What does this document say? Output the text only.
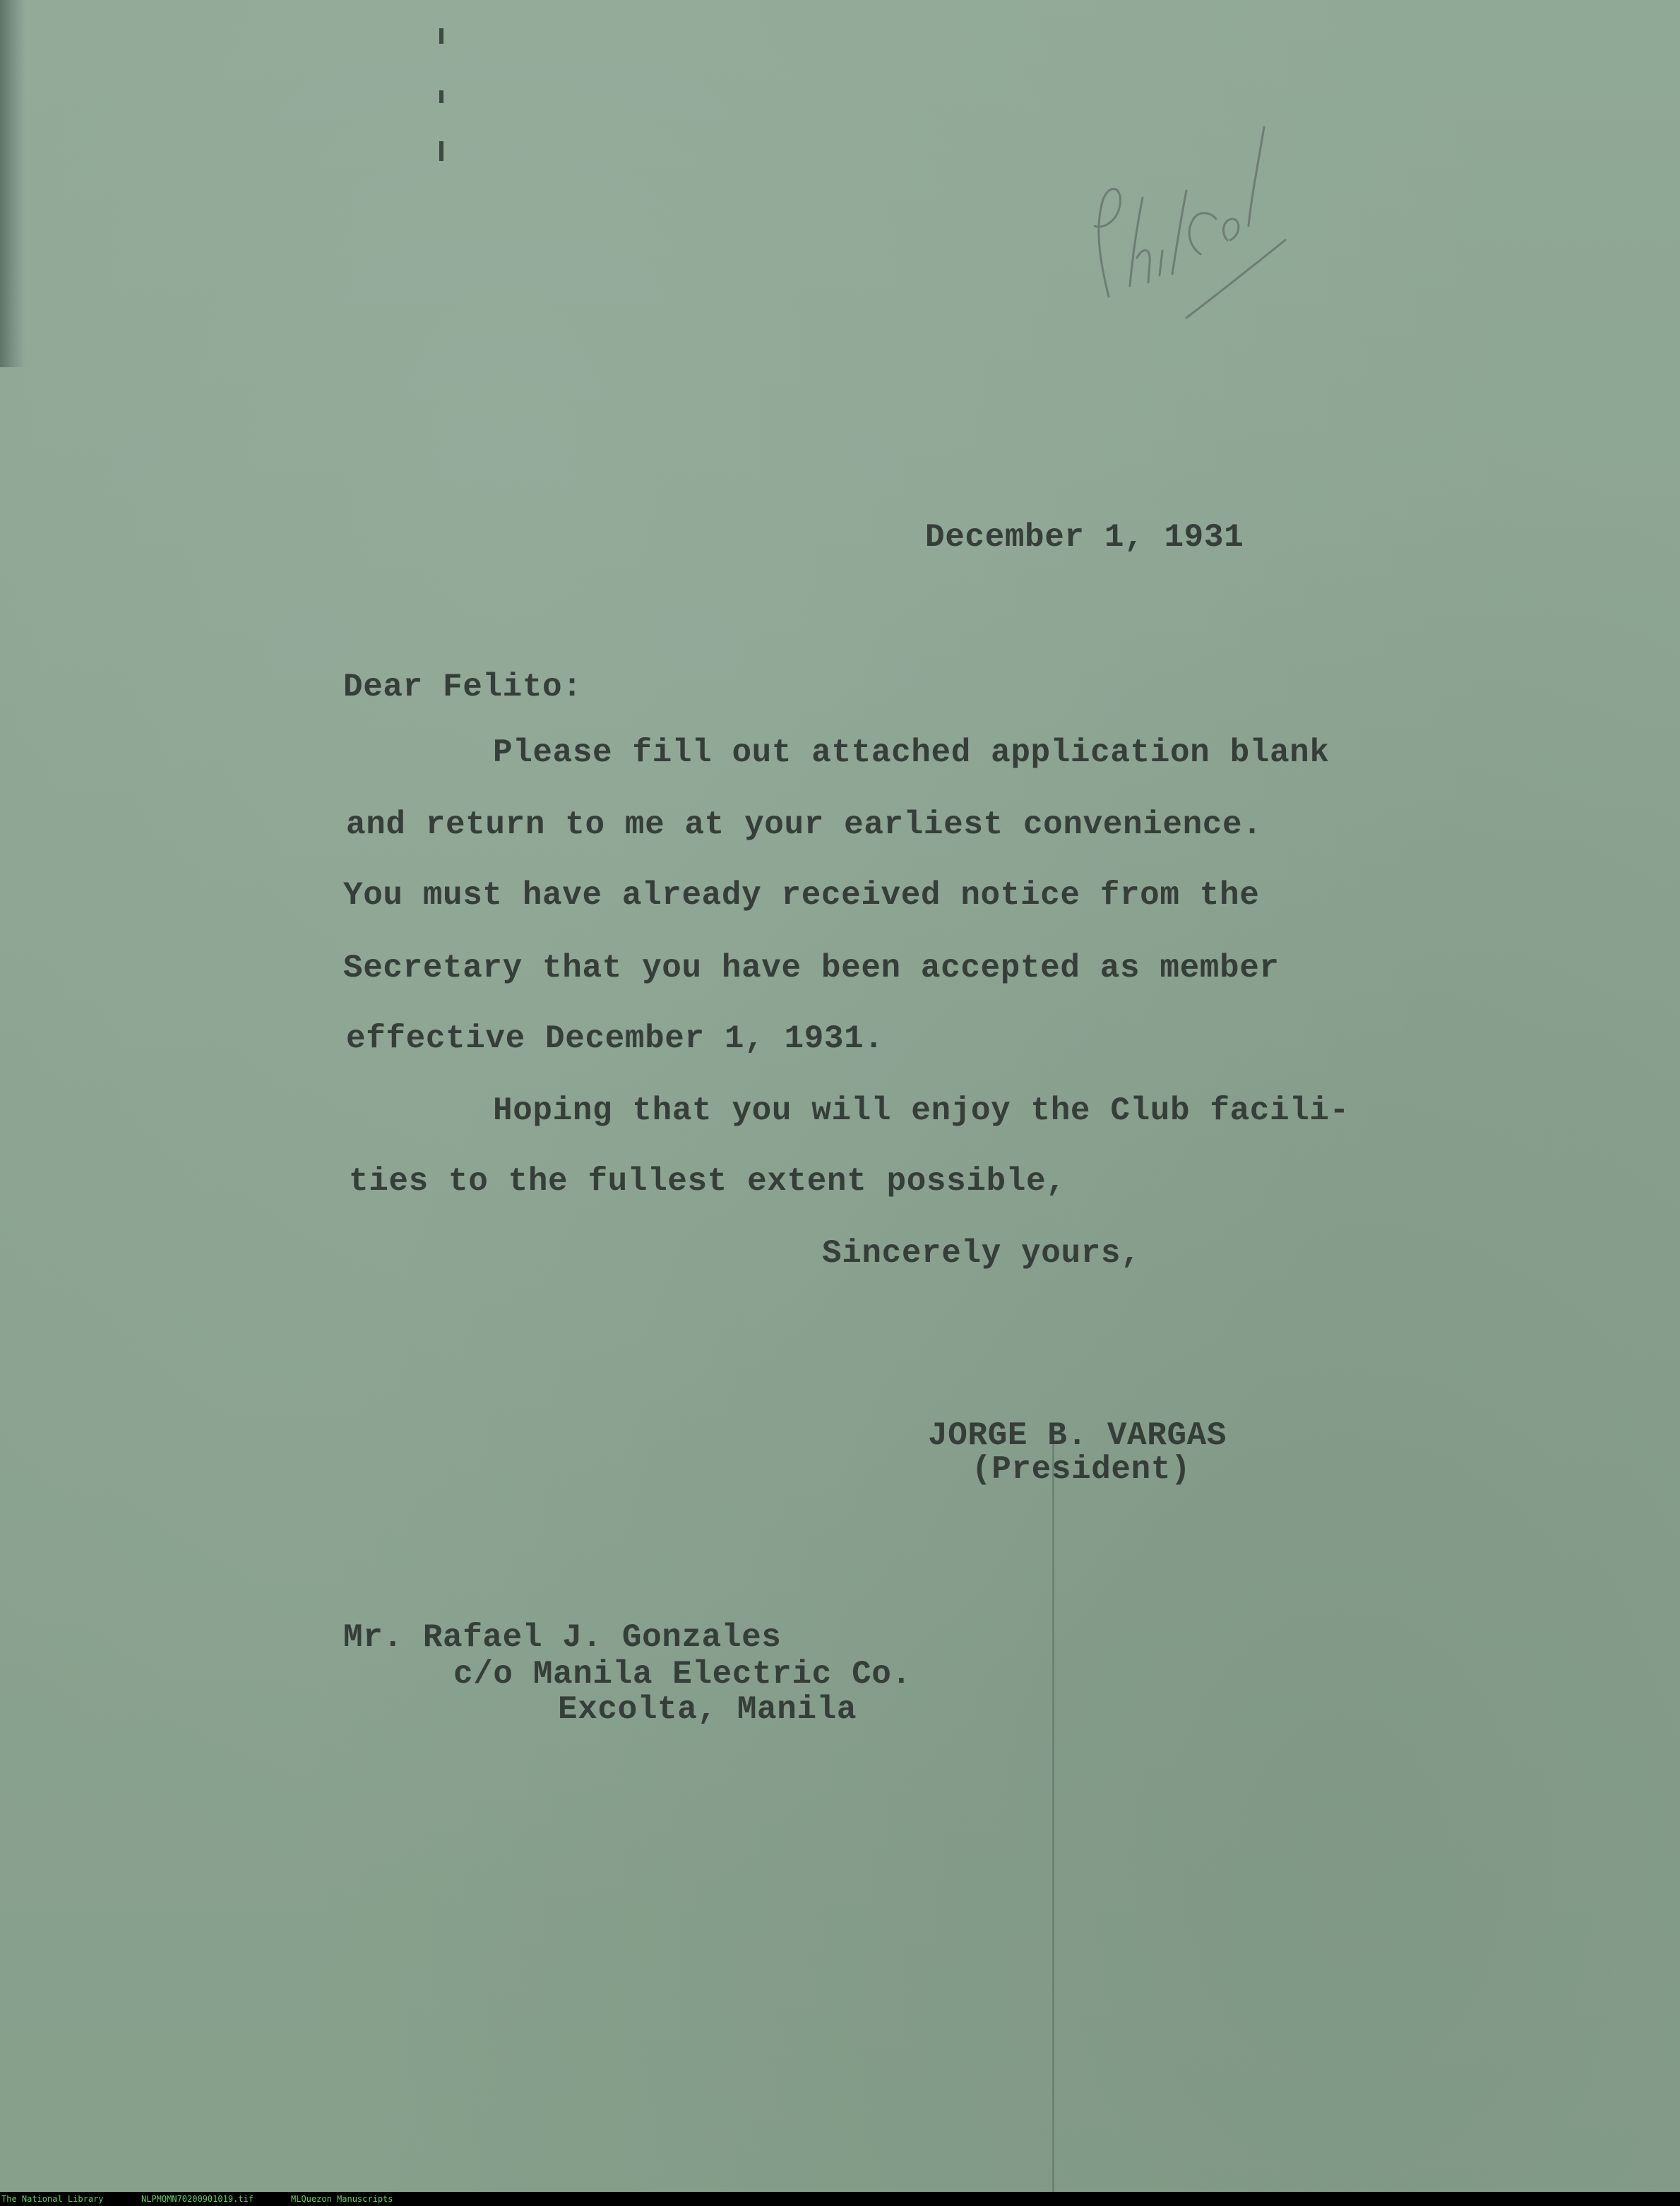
December 1, 1931
Dear Felito:
Please fill out attached application blank
and return to me at your earliest convenience.
You must have already received notice from the
Secretary that you have been accepted as member
effective December 1, 1931.
Hoping that you will enjoy the Club facili-
ties to the fullest extent possible,
Sincerely yours,
JORGE B. VARGAS
(President)
Mr. Rafael J. Gonzales
c/o Manila Electric Co.
Excolta, Manila
The National Library	NLPMQMN70200901019.tif	MLQuezon Manuscripts
